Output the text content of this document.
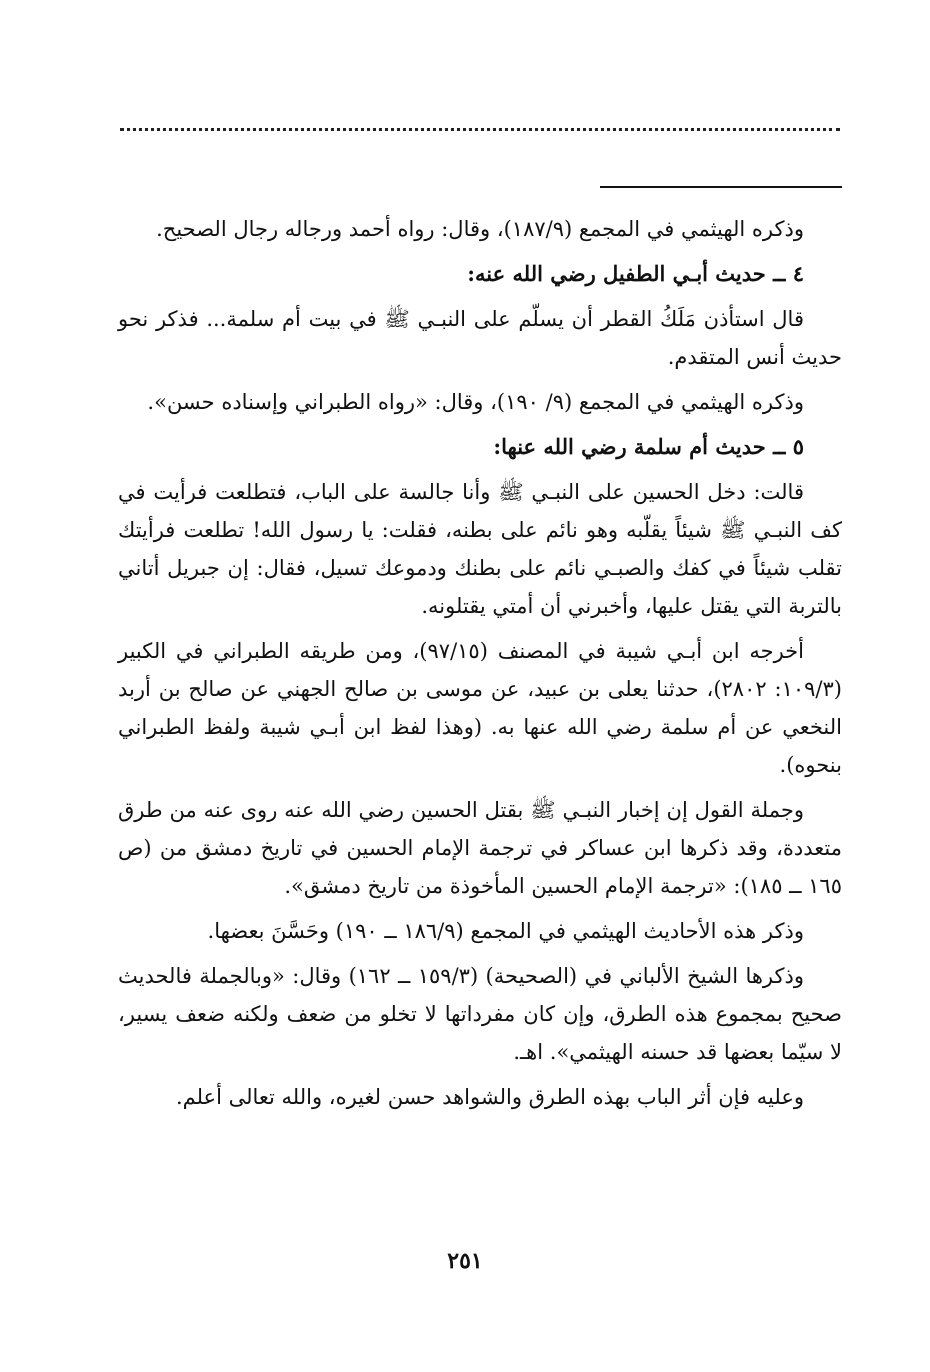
وذكره الهيثمي في المجمع (١٨٧/٩)، وقال: رواه أحمد ورجاله رجال الصحيح.

٤ ــ حديث أبـي الطفيل رضي الله عنه:

قال استأذن مَلَكُ القطر أن يسلّم على النبـي ﷺ في بيت أم سلمة... فذكر نحو حديث أنس المتقدم.

وذكره الهيثمي في المجمع (٩/ ١٩٠)، وقال: «رواه الطبراني وإسناده حسن».

٥ ــ حديث أم سلمة رضي الله عنها:

قالت: دخل الحسين على النبـي ﷺ وأنا جالسة على الباب، فتطلعت فرأيت في كف النبـي ﷺ شيئاً يقلّبه وهو نائم على بطنه، فقلت: يا رسول الله! تطلعت فرأيتك تقلب شيئاً في كفك والصبـي نائم على بطنك ودموعك تسيل، فقال: إن جبريل أتاني بالتربة التي يقتل عليها، وأخبرني أن أمتي يقتلونه.

أخرجه ابن أبـي شيبة في المصنف (٩٧/١٥)، ومن طريقه الطبراني في الكبير (١٠٩/٣: ٢٨٠٢)، حدثنا يعلى بن عبيد، عن موسى بن صالح الجهني عن صالح بن أربد النخعي عن أم سلمة رضي الله عنها به. (وهذا لفظ ابن أبـي شيبة ولفظ الطبراني بنحوه).

وجملة القول إن إخبار النبـي ﷺ بقتل الحسين رضي الله عنه روى عنه من طرق متعددة، وقد ذكرها ابن عساكر في ترجمة الإمام الحسين في تاريخ دمشق من (ص ١٦٥ ــ ١٨٥): «ترجمة الإمام الحسين المأخوذة من تاريخ دمشق».

وذكر هذه الأحاديث الهيثمي في المجمع (١٨٦/٩ ــ ١٩٠) وحَسَّنَ بعضها.

وذكرها الشيخ الألباني في (الصحيحة) (١٥٩/٣ ــ ١٦٢) وقال: «وبالجملة فالحديث صحيح بمجموع هذه الطرق، وإن كان مفرداتها لا تخلو من ضعف ولكنه ضعف يسير، لا سيّما بعضها قد حسنه الهيثمي». اهـ.

وعليه فإن أثر الباب بهذه الطرق والشواهد حسن لغيره، والله تعالى أعلم.

٢٥١
